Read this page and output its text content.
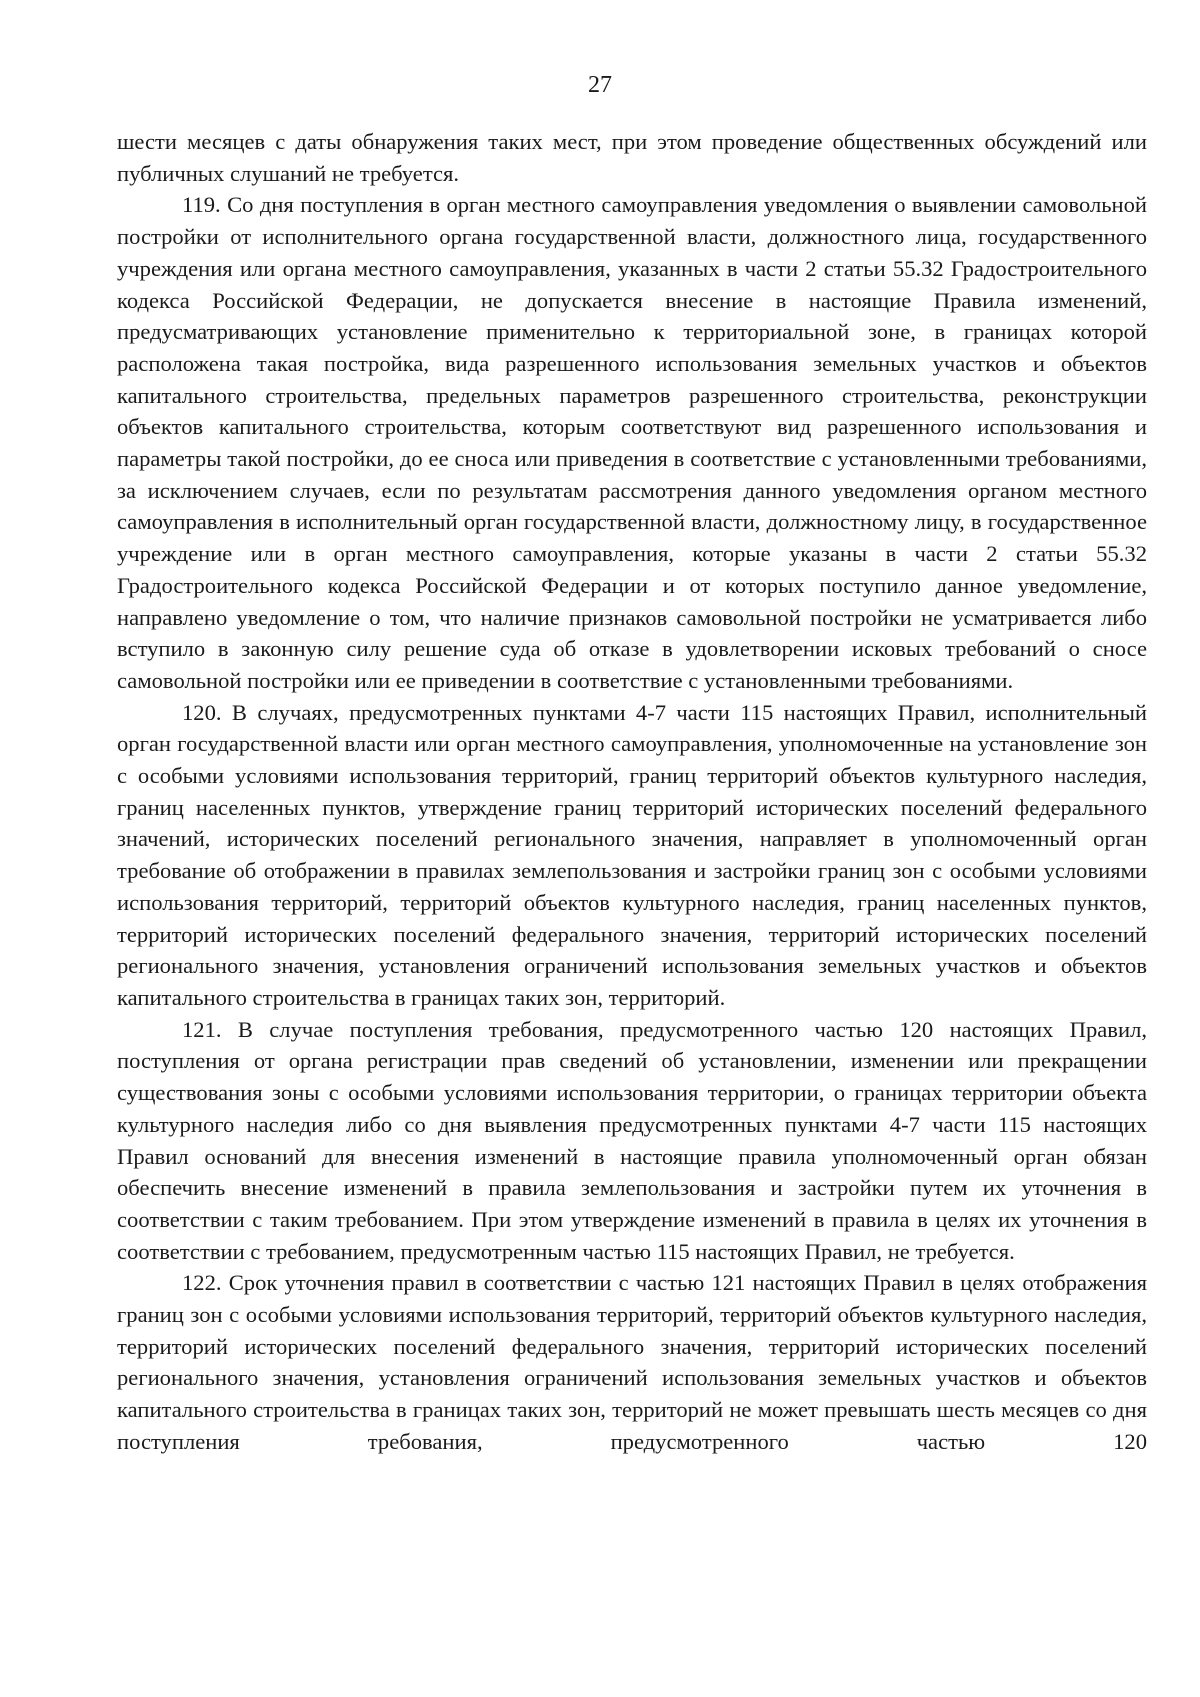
27

шести месяцев с даты обнаружения таких мест, при этом проведение общественных обсуждений или публичных слушаний не требуется.

119. Со дня поступления в орган местного самоуправления уведомления о выявлении самовольной постройки от исполнительного органа государственной власти, должностного лица, государственного учреждения или органа местного самоуправления, указанных в части 2 статьи 55.32 Градостроительного кодекса Российской Федерации, не допускается внесение в настоящие Правила изменений, предусматривающих установление применительно к территориальной зоне, в границах которой расположена такая постройка, вида разрешенного использования земельных участков и объектов капитального строительства, предельных параметров разрешенного строительства, реконструкции объектов капитального строительства, которым соответствуют вид разрешенного использования и параметры такой постройки, до ее сноса или приведения в соответствие с установленными требованиями, за исключением случаев, если по результатам рассмотрения данного уведомления органом местного самоуправления в исполнительный орган государственной власти, должностному лицу, в государственное учреждение или в орган местного самоуправления, которые указаны в части 2 статьи 55.32 Градостроительного кодекса Российской Федерации и от которых поступило данное уведомление, направлено уведомление о том, что наличие признаков самовольной постройки не усматривается либо вступило в законную силу решение суда об отказе в удовлетворении исковых требований о сносе самовольной постройки или ее приведении в соответствие с установленными требованиями.

120. В случаях, предусмотренных пунктами 4-7 части 115 настоящих Правил, исполнительный орган государственной власти или орган местного самоуправления, уполномоченные на установление зон с особыми условиями использования территорий, границ территорий объектов культурного наследия, границ населенных пунктов, утверждение границ территорий исторических поселений федерального значений, исторических поселений регионального значения, направляет в уполномоченный орган требование об отображении в правилах землепользования и застройки границ зон с особыми условиями использования территорий, территорий объектов культурного наследия, границ населенных пунктов, территорий исторических поселений федерального значения, территорий исторических поселений регионального значения, установления ограничений использования земельных участков и объектов капитального строительства в границах таких зон, территорий.

121. В случае поступления требования, предусмотренного частью 120 настоящих Правил, поступления от органа регистрации прав сведений об установлении, изменении или прекращении существования зоны с особыми условиями использования территории, о границах территории объекта культурного наследия либо со дня выявления предусмотренных пунктами 4-7 части 115 настоящих Правил оснований для внесения изменений в настоящие правила уполномоченный орган обязан обеспечить внесение изменений в правила землепользования и застройки путем их уточнения в соответствии с таким требованием. При этом утверждение изменений в правила в целях их уточнения в соответствии с требованием, предусмотренным частью 115 настоящих Правил, не требуется.

122. Срок уточнения правил в соответствии с частью 121 настоящих Правил в целях отображения границ зон с особыми условиями использования территорий, территорий объектов культурного наследия, территорий исторических поселений федерального значения, территорий исторических поселений регионального значения, установления ограничений использования земельных участков и объектов капитального строительства в границах таких зон, территорий не может превышать шесть месяцев со дня поступления требования, предусмотренного частью 120
